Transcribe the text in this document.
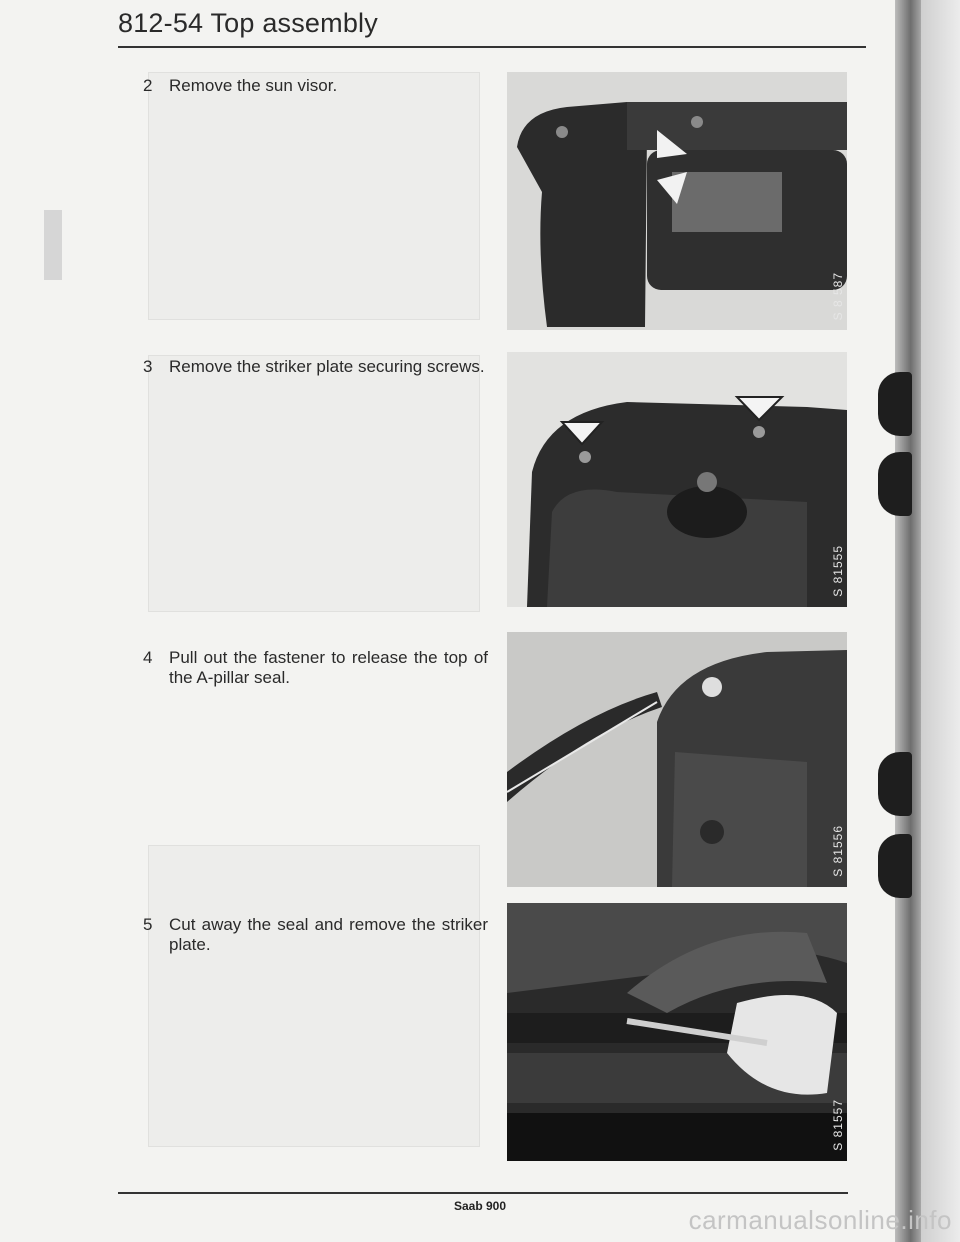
812-54 Top assembly
2 Remove the sun visor.
S 8 587
3 Remove the striker plate securing screws.
S 81555
4 Pull out the fastener to release the top of the A-pillar seal.
S 81556
5 Cut away the seal and remove the striker plate.
S 81557
Saab 900	carmanualsonline.info
